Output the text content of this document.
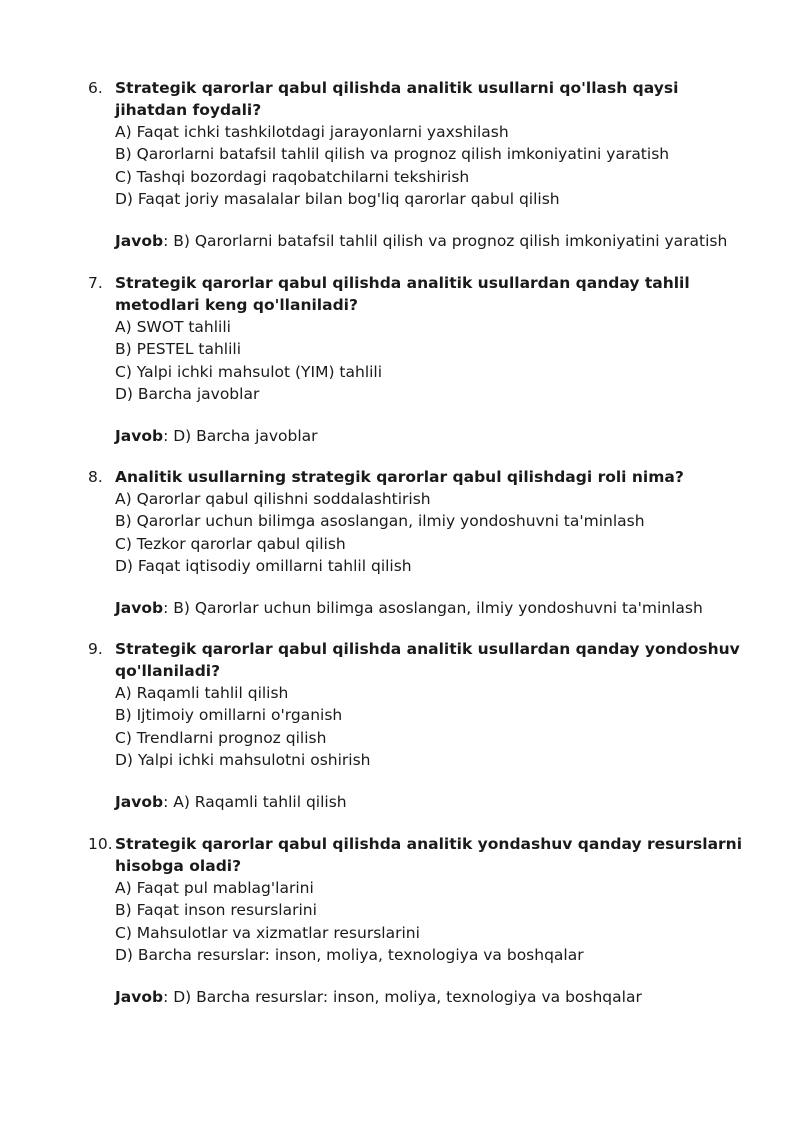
6. Strategik qarorlar qabul qilishda analitik usullarni qo'llash qaysi jihatdan foydali?
A) Faqat ichki tashkilotdagi jarayonlarni yaxshilash
B) Qarorlarni batafsil tahlil qilish va prognoz qilish imkoniyatini yaratish
C) Tashqi bozordagi raqobatchilarni tekshirish
D) Faqat joriy masalalar bilan bog'liq qarorlar qabul qilish
Javob: B) Qarorlarni batafsil tahlil qilish va prognoz qilish imkoniyatini yaratish
7. Strategik qarorlar qabul qilishda analitik usullardan qanday tahlil metodlari keng qo'llaniladi?
A) SWOT tahlili
B) PESTEL tahlili
C) Yalpi ichki mahsulot (YIM) tahlili
D) Barcha javoblar
Javob: D) Barcha javoblar
8. Analitik usullarning strategik qarorlar qabul qilishdagi roli nima?
A) Qarorlar qabul qilishni soddalashtirish
B) Qarorlar uchun bilimga asoslangan, ilmiy yondoshuvni ta'minlash
C) Tezkor qarorlar qabul qilish
D) Faqat iqtisodiy omillarni tahlil qilish
Javob: B) Qarorlar uchun bilimga asoslangan, ilmiy yondoshuvni ta'minlash
9. Strategik qarorlar qabul qilishda analitik usullardan qanday yondoshuv qo'llaniladi?
A) Raqamli tahlil qilish
B) Ijtimoiy omillarni o'rganish
C) Trendlarni prognoz qilish
D) Yalpi ichki mahsulotni oshirish
Javob: A) Raqamli tahlil qilish
10. Strategik qarorlar qabul qilishda analitik yondashuv qanday resurslarni hisobga oladi?
A) Faqat pul mablag'larini
B) Faqat inson resurslarini
C) Mahsulotlar va xizmatlar resurslarini
D) Barcha resurslar: inson, moliya, texnologiya va boshqalar
Javob: D) Barcha resurslar: inson, moliya, texnologiya va boshqalar
